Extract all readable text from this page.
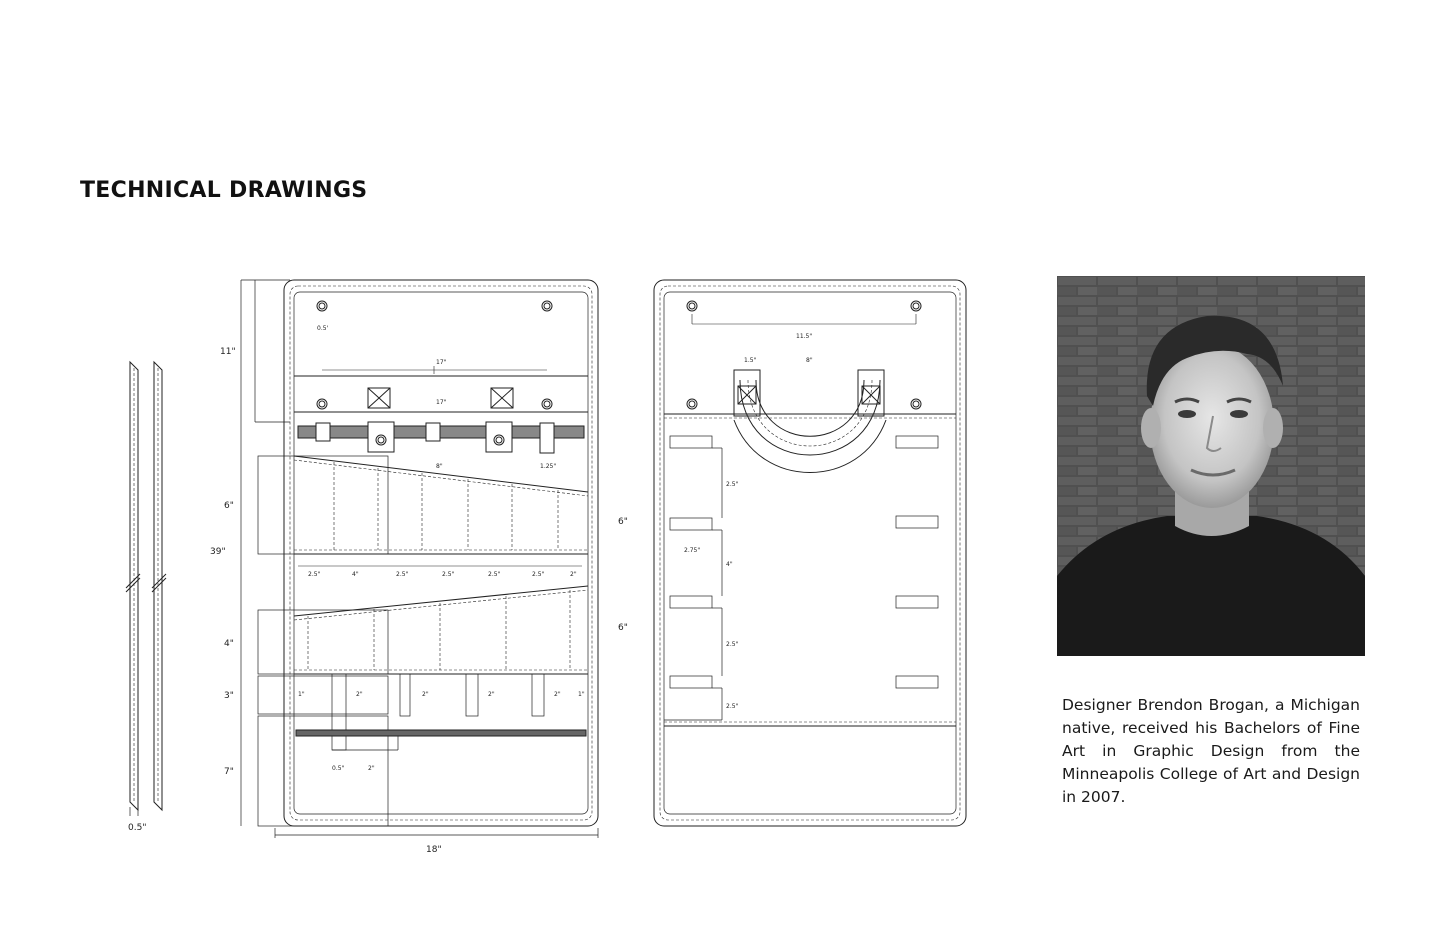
TECHNICAL DRAWINGS
11"
6"
39"
4"
3"
7"
6"
6"
18"
0.5"
0.5'
17"
17"
1.25"
8"
11.5"
1.5"	8"
2.5"	4"	2.5"	2.5"	2.5"	2.5"	2"
1"	2"	2"	2"	2"	1"
0.5"	2"
2.5"
2.75"
4"
2.5"
2.5"	Designer Brendon Brogan, a Michigan native, received his Bachelors of Fine Art in Graphic Design from the Minneapolis College of Art and Design in 2007.
